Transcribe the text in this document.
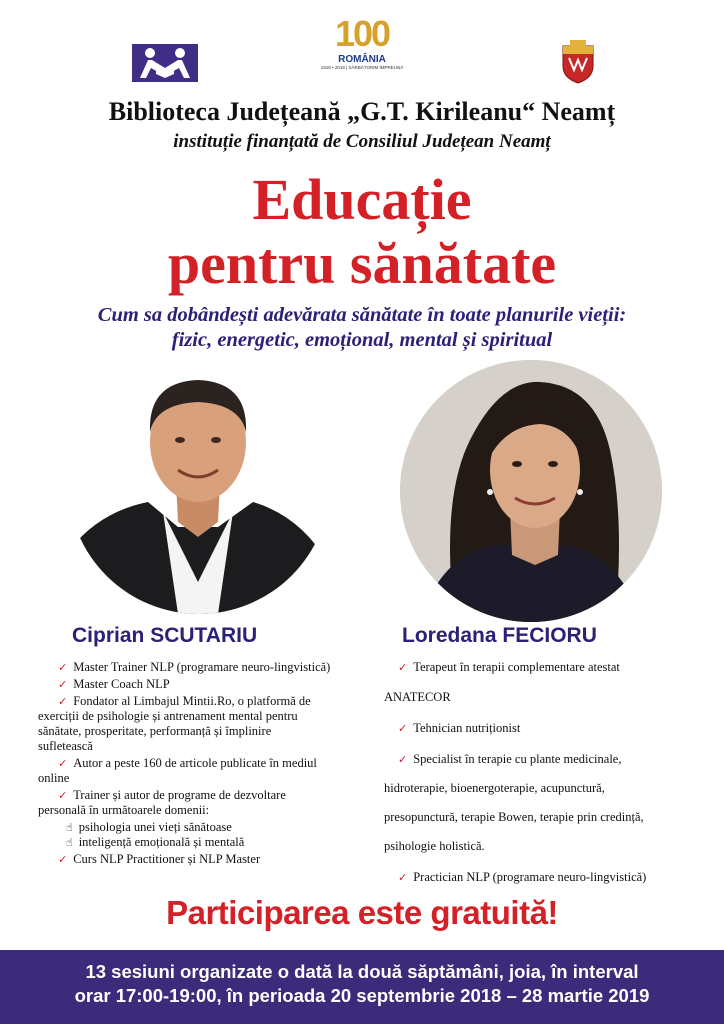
100
ROMÂNIA
1918 • 2018 | SĂRBĂTORIM ÎMPREUNĂ
Biblioteca Județeană „G.T. Kirileanu“ Neamț
instituție finanțată de Consiliul Județean Neamț
Educație
pentru sănătate
Cum sa dobândești adevărata sănătate în toate planurile vieții:
fizic, energetic, emoțional, mental și spiritual
Ciprian SCUTARIU	Loredana FECIORU
✓ Master Trainer NLP (programare neuro-lingvistică)
✓ Master Coach NLP
✓ Fondator al Limbajul Mintii.Ro, o platformă de
exerciții de psihologie și antrenament mental pentru
sănătate, prosperitate, performanță și împlinire
sufletească
✓ Autor a peste 160 de articole publicate în mediul
online
✓ Trainer și autor de programe de dezvoltare
personală în următoarele domenii:
☝ psihologia unei vieți sănătoase
☝ inteligență emoțională și mentală
✓ Curs NLP Practitioner și NLP Master
✓ Terapeut în terapii complementare atestat
ANATECOR
✓ Tehnician nutriționist
✓ Specialist în terapie cu plante medicinale,
hidroterapie, bioenergoterapie, acupunctură,
presopunctură, terapie Bowen, terapie prin credință,
psihologie holistică.
✓ Practician NLP (programare neuro-lingvistică)
Participarea este gratuită!
13 sesiuni organizate o dată la două săptămâni, joia, în interval
orar 17:00-19:00, în perioada 20 septembrie 2018 – 28 martie 2019
